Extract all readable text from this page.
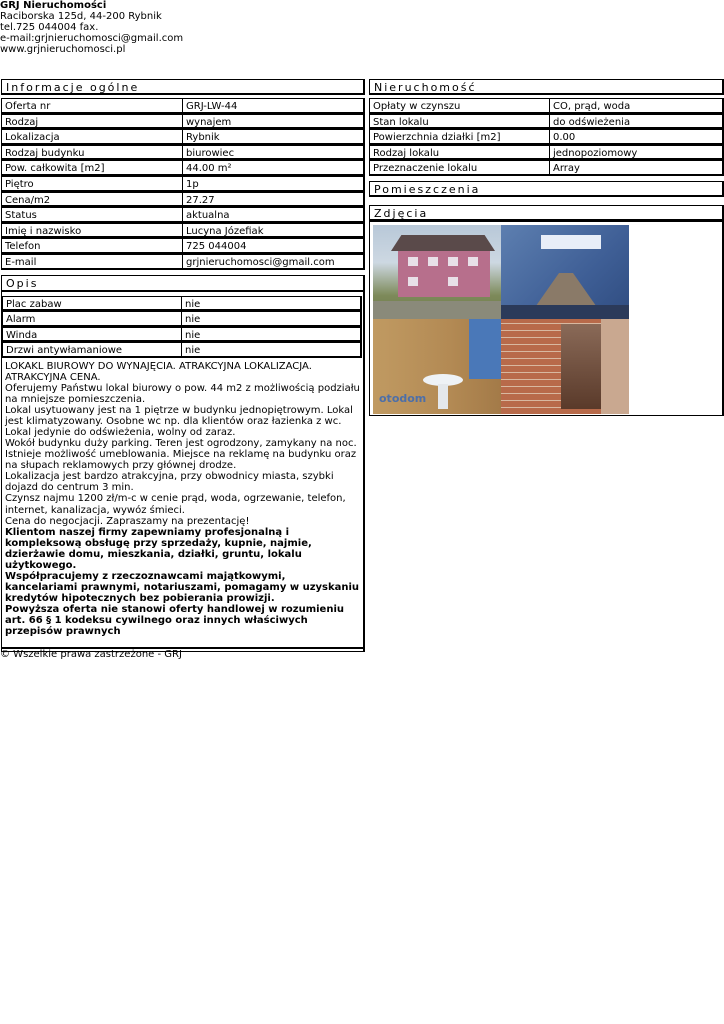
GRJ Nieruchomości
Raciborska 125d, 44-200 Rybnik
tel.725 044004 fax.
e-mail:grjnieruchomosci@gmail.com
www.grjnieruchomosci.pl
Informacje ogólne
Oferta nr	GRJ-LW-44
Rodzaj	wynajem
Lokalizacja	Rybnik
Rodzaj budynku	biurowiec
Pow. całkowita [m2]	44.00 m²
Piętro	1p
Cena/m2	27.27
Status	aktualna
Imię i nazwisko	Lucyna Józefiak
Telefon	725 044004
E-mail	grjnieruchomosci@gmail.com
Opis
Plac zabaw	nie
Alarm	nie
Winda	nie
Drzwi antywłamaniowe	nie
LOKAKL BIUROWY DO WYNAJĘCIA. ATRAKCYJNA LOKALIZACJA. ATRAKCYJNA CENA.
Oferujemy Państwu lokal biurowy o pow. 44 m2 z możliwością podziału na mniejsze pomieszczenia.
Lokal usytuowany jest na 1 piętrze w budynku jednopiętrowym. Lokal jest klimatyzowany. Osobne wc np. dla klientów oraz łazienka z wc.
Lokal jedynie do odświeżenia, wolny od zaraz.
Wokół budynku duży parking. Teren jest ogrodzony, zamykany na noc.
Istnieje możliwość umeblowania. Miejsce na reklamę na budynku oraz na słupach reklamowych przy głównej drodze.
Lokalizacja jest bardzo atrakcyjna, przy obwodnicy miasta, szybki dojazd do centrum 3 min.
Czynsz najmu 1200 zł/m-c w cenie prąd, woda, ogrzewanie, telefon, internet, kanalizacja, wywóz śmieci.
Cena do negocjacji. Zapraszamy na prezentację!
Klientom naszej firmy zapewniamy profesjonalną i kompleksową obsługę przy sprzedaży, kupnie, najmie, dzierżawie domu, mieszkania, działki, gruntu, lokalu użytkowego.
Współpracujemy z rzeczoznawcami majątkowymi, kancelariami prawnymi, notariuszami, pomagamy w uzyskaniu kredytów hipotecznych bez pobierania prowizji.
Powyższa oferta nie stanowi oferty handlowej w rozumieniu art. 66 § 1 kodeksu cywilnego oraz innych właściwych przepisów prawnych
Nieruchomość
Opłaty w czynszu	CO, prąd, woda
Stan lokalu	do odświeżenia
Powierzchnia działki [m2]	0.00
Rodzaj lokalu	jednopoziomowy
Przeznaczenie lokalu	Array
Pomieszczenia
Zdjęcia
otodom
© Wszelkie prawa zastrzeżone - GRJ
